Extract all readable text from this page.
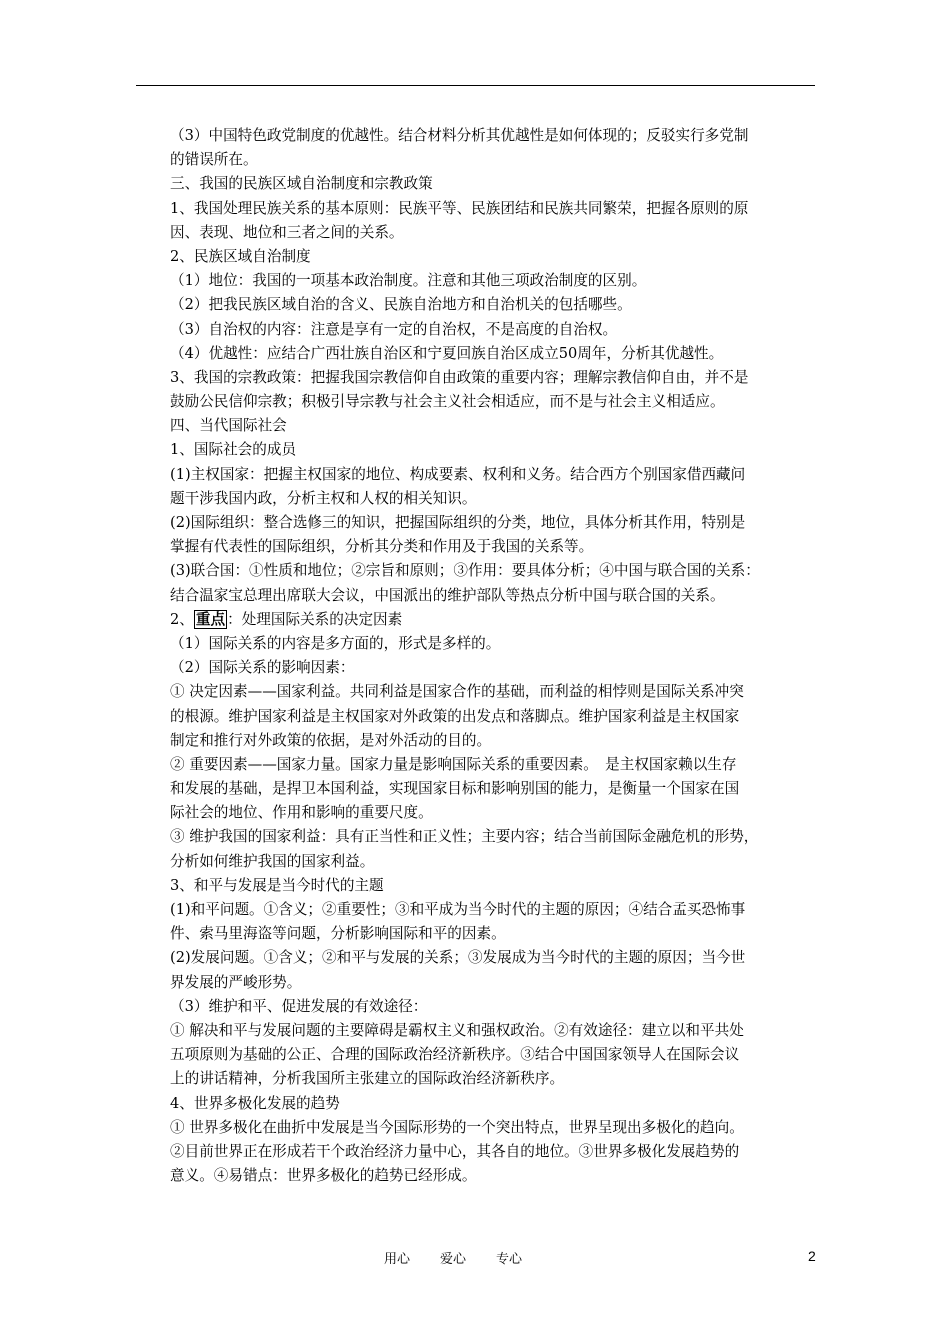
（3）中国特色政党制度的优越性。结合材料分析其优越性是如何体现的；反驳实行多党制
的错误所在。
三、我国的民族区域自治制度和宗教政策
1、我国处理民族关系的基本原则：民族平等、民族团结和民族共同繁荣，把握各原则的原
因、表现、地位和三者之间的关系。
2、民族区域自治制度
（1）地位：我国的一项基本政治制度。注意和其他三项政治制度的区别。
（2）把我民族区域自治的含义、民族自治地方和自治机关的包括哪些。
（3）自治权的内容：注意是享有一定的自治权，不是高度的自治权。
（4）优越性：应结合广西壮族自治区和宁夏回族自治区成立50周年，分析其优越性。
3、我国的宗教政策：把握我国宗教信仰自由政策的重要内容；理解宗教信仰自由，并不是
鼓励公民信仰宗教；积极引导宗教与社会主义社会相适应，而不是与社会主义相适应。
四、当代国际社会
1、国际社会的成员
(1)主权国家：把握主权国家的地位、构成要素、权利和义务。结合西方个别国家借西藏问
题干涉我国内政，分析主权和人权的相关知识。
(2)国际组织：整合选修三的知识，把握国际组织的分类，地位，具体分析其作用，特别是
掌握有代表性的国际组织，分析其分类和作用及于我国的关系等。
(3)联合国：①性质和地位；②宗旨和原则；③作用：要具体分析；④中国与联合国的关系：
结合温家宝总理出席联大会议，中国派出的维护部队等热点分析中国与联合国的关系。
2、 重点 ：处理国际关系的决定因素
（1）国际关系的内容是多方面的，形式是多样的。
（2）国际关系的影响因素：
① 决定因素——国家利益。共同利益是国家合作的基础，而利益的相悖则是国际关系冲突
的根源。维护国家利益是主权国家对外政策的出发点和落脚点。维护国家利益是主权国家
制定和推行对外政策的依据，是对外活动的目的。
② 重要因素——国家力量。国家力量是影响国际关系的重要因素。　是主权国家赖以生存
和发展的基础，是捍卫本国利益，实现国家目标和影响别国的能力，是衡量一个国家在国
际社会的地位、作用和影响的重要尺度。
③ 维护我国的国家利益：具有正当性和正义性；主要内容；结合当前国际金融危机的形势，
分析如何维护我国的国家利益。
3、和平与发展是当今时代的主题
(1)和平问题。①含义；②重要性；③和平成为当今时代的主题的原因；④结合孟买恐怖事
件、索马里海盗等问题，分析影响国际和平的因素。
(2)发展问题。①含义；②和平与发展的关系；③发展成为当今时代的主题的原因；当今世
界发展的严峻形势。
（3）维护和平、促进发展的有效途径：
① 解决和平与发展问题的主要障碍是霸权主义和强权政治。②有效途径：建立以和平共处
五项原则为基础的公正、合理的国际政治经济新秩序。③结合中国国家领导人在国际会议
上的讲话精神，分析我国所主张建立的国际政治经济新秩序。
4、世界多极化发展的趋势
① 世界多极化在曲折中发展是当今国际形势的一个突出特点，世界呈现出多极化的趋向。
②目前世界正在形成若干个政治经济力量中心，其各自的地位。③世界多极化发展趋势的
意义。④易错点：世界多极化的趋势已经形成。
用心 爱心 专心	2
